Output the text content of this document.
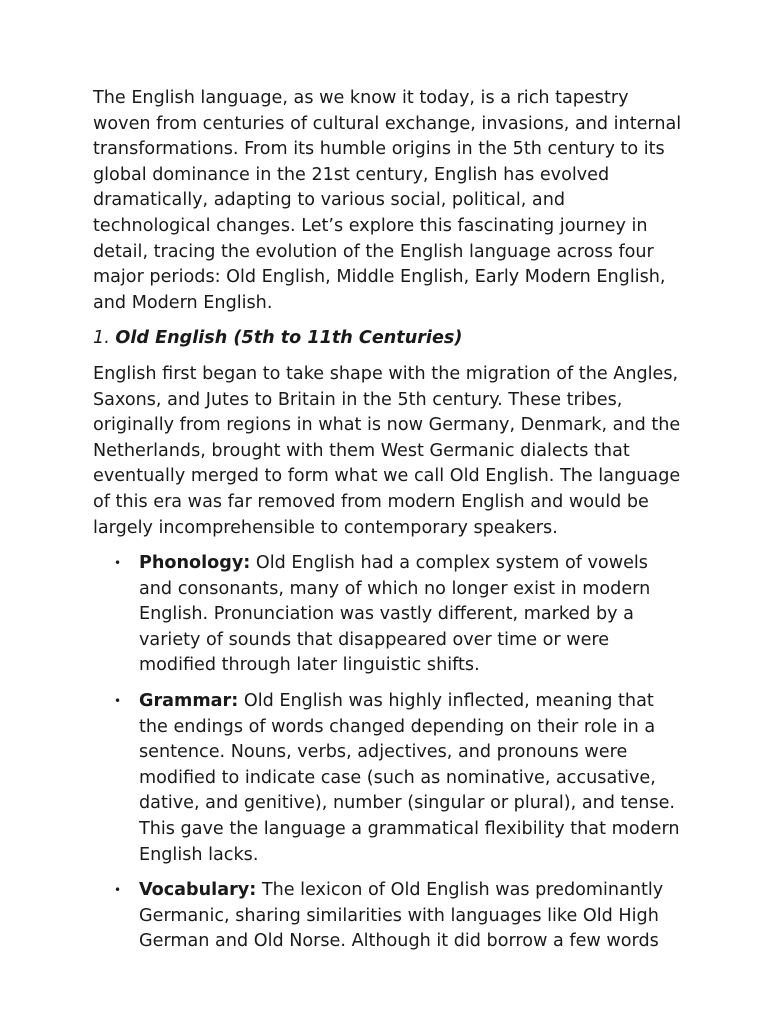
The English language, as we know it today, is a rich tapestry woven from centuries of cultural exchange, invasions, and internal transformations. From its humble origins in the 5th century to its global dominance in the 21st century, English has evolved dramatically, adapting to various social, political, and technological changes. Let’s explore this fascinating journey in detail, tracing the evolution of the English language across four major periods: Old English, Middle English, Early Modern English, and Modern English.

1. Old English (5th to 11th Centuries)

English first began to take shape with the migration of the Angles, Saxons, and Jutes to Britain in the 5th century. These tribes, originally from regions in what is now Germany, Denmark, and the Netherlands, brought with them West Germanic dialects that eventually merged to form what we call Old English. The language of this era was far removed from modern English and would be largely incomprehensible to contemporary speakers.

• Phonology: Old English had a complex system of vowels and consonants, many of which no longer exist in modern English. Pronunciation was vastly different, marked by a variety of sounds that disappeared over time or were modified through later linguistic shifts.
• Grammar: Old English was highly inflected, meaning that the endings of words changed depending on their role in a sentence. Nouns, verbs, adjectives, and pronouns were modified to indicate case (such as nominative, accusative, dative, and genitive), number (singular or plural), and tense. This gave the language a grammatical flexibility that modern English lacks.
• Vocabulary: The lexicon of Old English was predominantly Germanic, sharing similarities with languages like Old High German and Old Norse. Although it did borrow a few words
